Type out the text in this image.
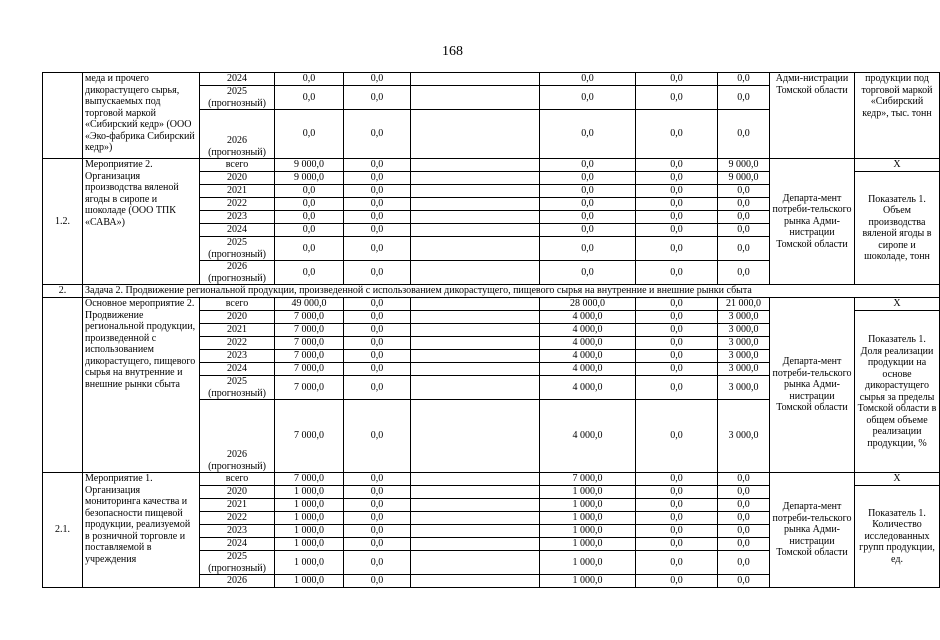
168
	меда и прочего дикорастущего сырья, выпускаемых под торговой маркой «Сибирский кедр» (ООО «Эко-фабрика Сибирский кедр»)	2024	0,0	0,0		0,0	0,0	0,0	Адми-нистрации Томской области	продукции под торговой маркой «Сибирский кедр», тыс. тонн	
		2025 (прогнозный)	0,0	0,0		0,0	0,0	0,0	
		2026 (прогнозный)	0,0	0,0		0,0	0,0	0,0	
1.2.	Мероприятие 2. Организация производства вяленой ягоды в сиропе и шоколаде (ООО ТПК «САВА»)	всего	9 000,0	0,0		0,0	0,0	9 000,0	Департа-мент потреби-тельского рынка Адми-нистрации Томской области	X	
		2020	9 000,0	0,0		0,0	0,0	9 000,0		Показатель 1. Объем производства вяленой ягоды в сиропе и шоколаде, тонн	
		2021	0,0	0,0		0,0	0,0	0,0	
		2022	0,0	0,0		0,0	0,0	0,0	
		2023	0,0	0,0		0,0	0,0	0,0	
		2024	0,0	0,0		0,0	0,0	0,0	
		2025 (прогнозный)	0,0	0,0		0,0	0,0	0,0	
		2026 (прогнозный)	0,0	0,0		0,0	0,0	0,0	
2.	Задача 2. Продвижение региональной продукции, произведенной с использованием дикорастущего, пищевого сырья на внутренние и внешние рынки сбыта										
	Основное мероприятие 2. Продвижение региональной продукции, произведенной с использованием дикорастущего, пищевого сырья на внутренние и внешние рынки сбыта	всего	49 000,0	0,0		28 000,0	0,0	21 000,0	Департа-мент потреби-тельского рынка Адми-нистрации Томской области	X	
		2020	7 000,0	0,0		4 000,0	0,0	3 000,0		Показатель 1. Доля реализации продукции на основе дикорастущего сырья за пределы Томской области в общем объеме реализации продукции, %	
		2021	7 000,0	0,0		4 000,0	0,0	3 000,0	
		2022	7 000,0	0,0		4 000,0	0,0	3 000,0	
		2023	7 000,0	0,0		4 000,0	0,0	3 000,0	
		2024	7 000,0	0,0		4 000,0	0,0	3 000,0	
		2025 (прогнозный)	7 000,0	0,0		4 000,0	0,0	3 000,0	
		2026 (прогнозный)	7 000,0	0,0		4 000,0	0,0	3 000,0	
2.1.	Мероприятие 1. Организация мониторинга качества и безопасности пищевой продукции, реализуемой в розничной торговле и поставляемой в учреждения	всего	7 000,0	0,0		7 000,0	0,0	0,0	Департа-мент потреби-тельского рынка Адми-нистрации Томской области	X	
		2020	1 000,0	0,0		1 000,0	0,0	0,0		Показатель 1. Количество исследованных групп продукции, ед.	
		2021	1 000,0	0,0		1 000,0	0,0	0,0	
		2022	1 000,0	0,0		1 000,0	0,0	0,0	
		2023	1 000,0	0,0		1 000,0	0,0	0,0	
		2024	1 000,0	0,0		1 000,0	0,0	0,0	
		2025 (прогнозный)	1 000,0	0,0		1 000,0	0,0	0,0	
		2026	1 000,0	0,0		1 000,0	0,0	0,0	
